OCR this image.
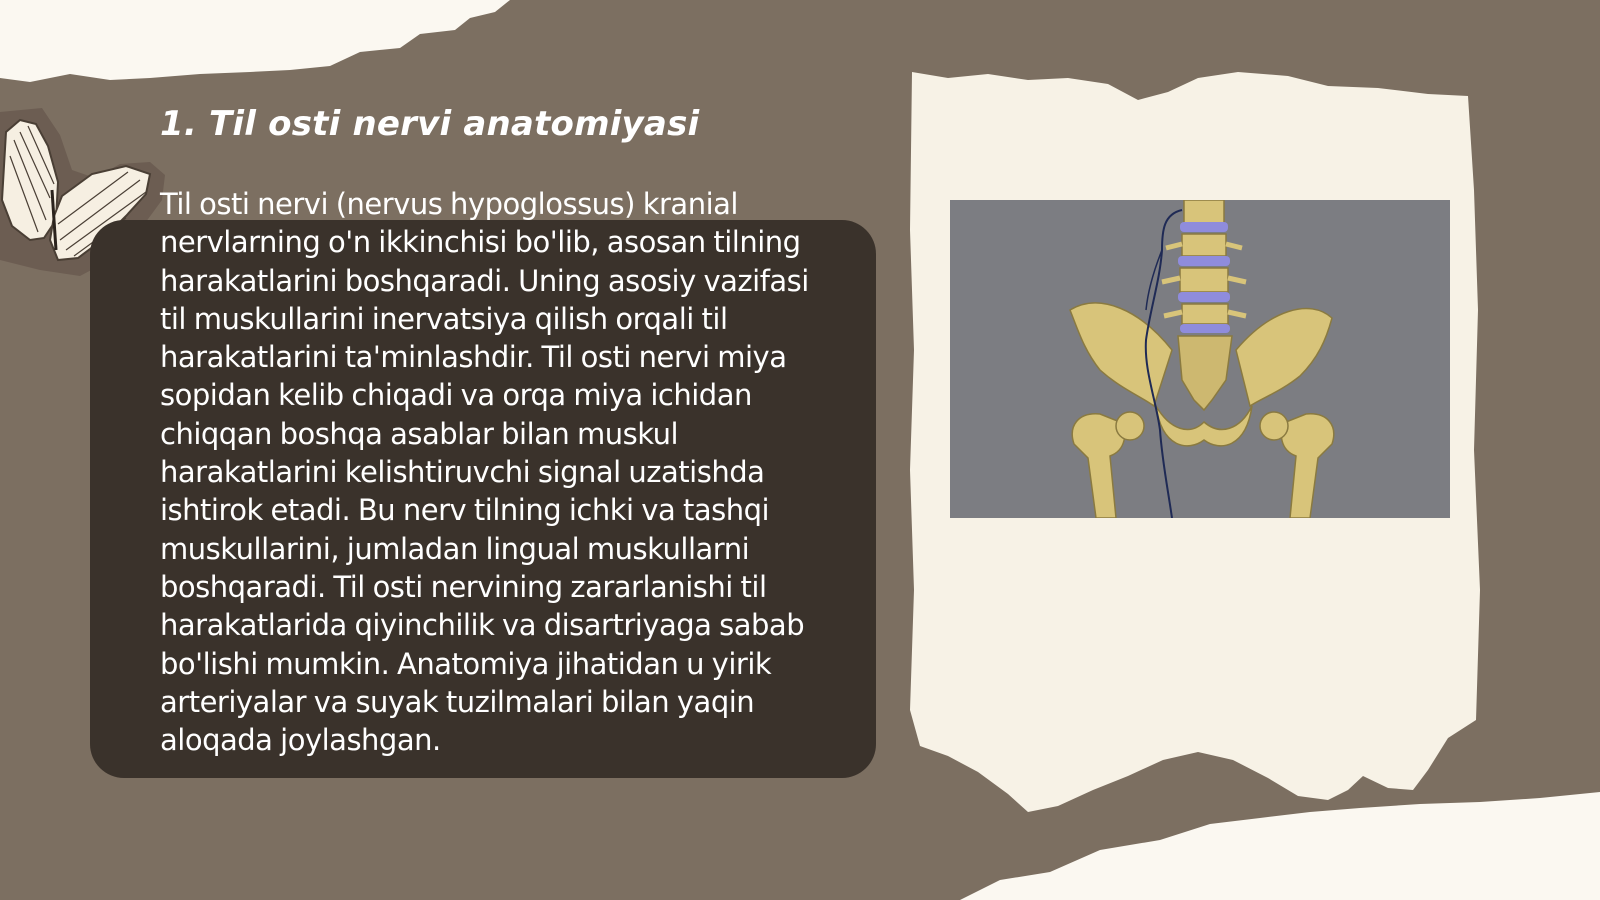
1. Til osti nervi anatomiyasi

Til osti nervi (nervus hypoglossus) kranial nervlarning o'n ikkinchisi bo'lib, asosan tilning harakatlarini boshqaradi. Uning asosiy vazifasi til muskullarini inervatsiya qilish orqali til harakatlarini ta'minlashdir. Til osti nervi miya sopidan kelib chiqadi va orqa miya ichidan chiqqan boshqa asablar bilan muskul harakatlarini kelishtiruvchi signal uzatishda ishtirok etadi. Bu nerv tilning ichki va tashqi muskullarini, jumladan lingual muskullarni boshqaradi. Til osti nervining zararlanishi til harakatlarida qiyinchilik va disartriyaga sabab bo'lishi mumkin. Anatomiya jihatidan u yirik arteriyalar va suyak tuzilmalari bilan yaqin aloqada joylashgan.
